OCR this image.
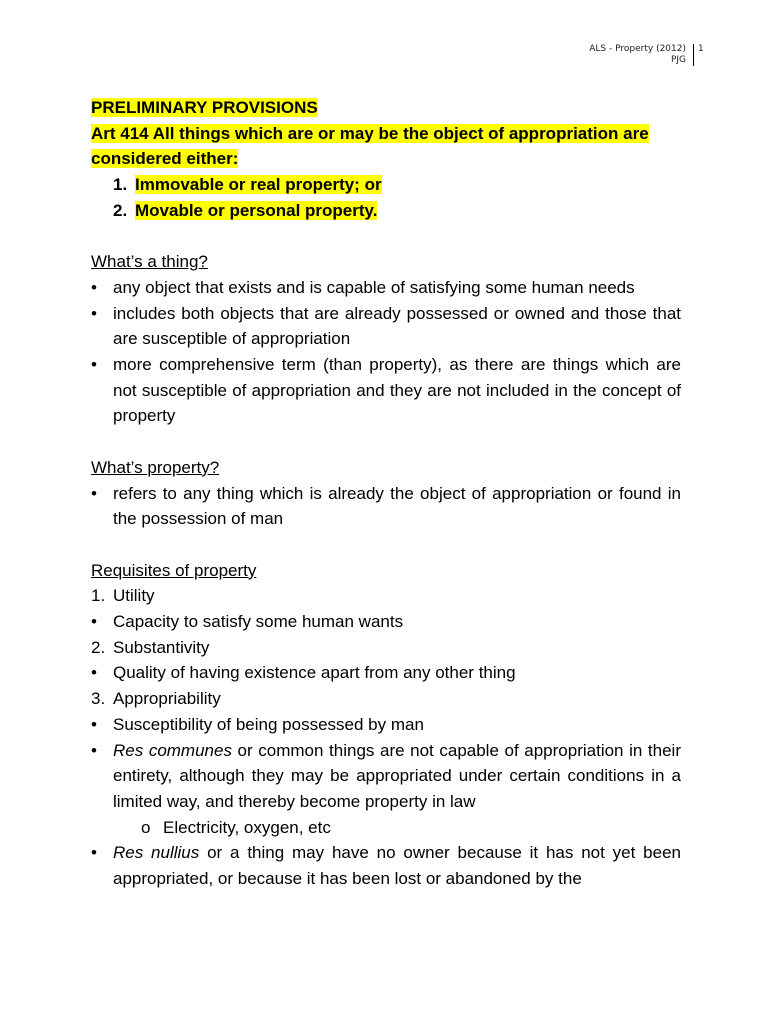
ALS - Property (2012)
PJG
1
PRELIMINARY PROVISIONS
Art 414 All things which are or may be the object of appropriation are
considered either:
1. Immovable or real property; or
2. Movable or personal property.
What’s a thing?
• any object that exists and is capable of satisfying some human needs
• includes both objects that are already possessed or owned and those that are susceptible of appropriation
• more comprehensive term (than property), as there are things which are not susceptible of appropriation and they are not included in the concept of property
What’s property?
• refers to any thing which is already the object of appropriation or found in the possession of man
Requisites of property
1. Utility
• Capacity to satisfy some human wants
2. Substantivity
• Quality of having existence apart from any other thing
3. Appropriability
• Susceptibility of being possessed by man
• Res communes or common things are not capable of appropriation in their entirety, although they may be appropriated under certain conditions in a limited way, and thereby become property in law
o Electricity, oxygen, etc
• Res nullius or a thing may have no owner because it has not yet been appropriated, or because it has been lost or abandoned by the
